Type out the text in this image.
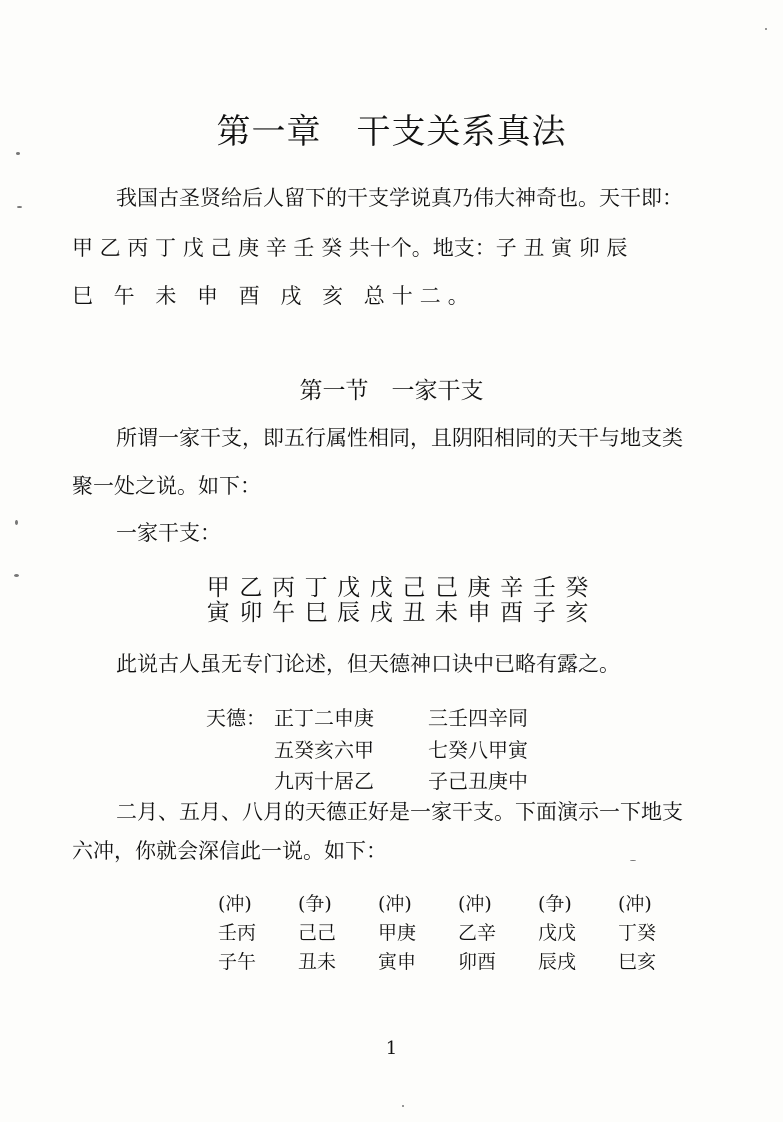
第一章　干支关系真法
我国古圣贤给后人留下的干支学说真乃伟大神奇也。天干即：
甲 乙 丙 丁 戊 己 庚 辛 壬 癸 共十个。地支：子 丑 寅 卯 辰
巳 午 未 申 酉 戌 亥 总十二。
第一节　一家干支
所谓一家干支，即五行属性相同，且阴阳相同的天干与地支类
聚一处之说。如下：
一家干支：
甲 乙 丙 丁 戊 戊 己 己 庚 辛 壬 癸
寅 卯 午 巳 辰 戌 丑 未 申 酉 子 亥
此说古人虽无专门论述，但天德神口诀中已略有露之。
天德： 正丁二申庚	三壬四辛同
五癸亥六甲	七癸八甲寅
九丙十居乙	子己丑庚中
二月、五月、八月的天德正好是一家干支。下面演示一下地支
六冲，你就会深信此一说。如下：
(冲)	(争)	(冲)	(冲)	(争)	(冲)
壬丙	己己	甲庚	乙辛	戊戊	丁癸
子午	丑未	寅申	卯酉	辰戌	巳亥
1
